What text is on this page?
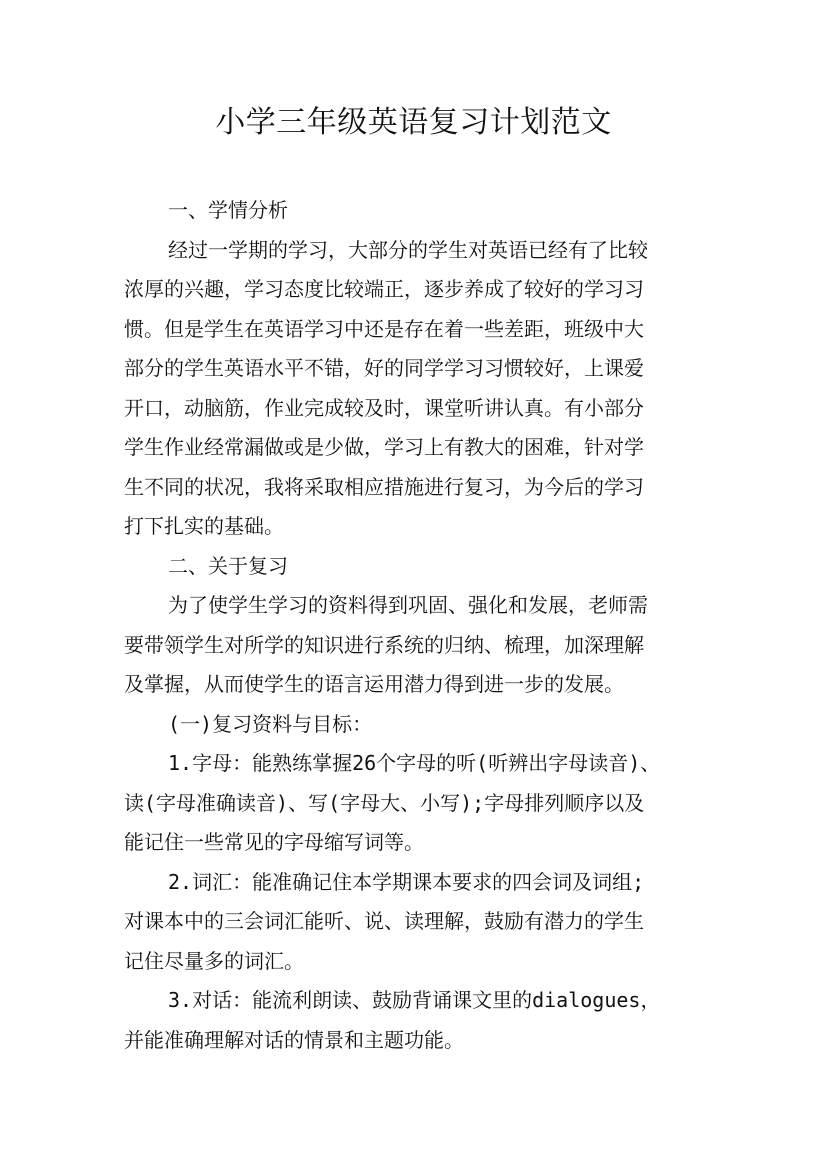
小学三年级英语复习计划范文
一、学情分析
经过一学期的学习，大部分的学生对英语已经有了比较
浓厚的兴趣，学习态度比较端正，逐步养成了较好的学习习
惯。但是学生在英语学习中还是存在着一些差距，班级中大
部分的学生英语水平不错，好的同学学习习惯较好，上课爱
开口，动脑筋，作业完成较及时，课堂听讲认真。有小部分
学生作业经常漏做或是少做，学习上有教大的困难，针对学
生不同的状况，我将采取相应措施进行复习，为今后的学习
打下扎实的基础。
二、关于复习
为了使学生学习的资料得到巩固、强化和发展，老师需
要带领学生对所学的知识进行系统的归纳、梳理，加深理解
及掌握，从而使学生的语言运用潜力得到进一步的发展。
(一)复习资料与目标：
1.字母：能熟练掌握26个字母的听(听辨出字母读音)、
读(字母准确读音)、写(字母大、小写);字母排列顺序以及
能记住一些常见的字母缩写词等。
2.词汇：能准确记住本学期课本要求的四会词及词组;
对课本中的三会词汇能听、说、读理解，鼓励有潜力的学生
记住尽量多的词汇。
3.对话：能流利朗读、鼓励背诵课文里的dialogues，
并能准确理解对话的情景和主题功能。
